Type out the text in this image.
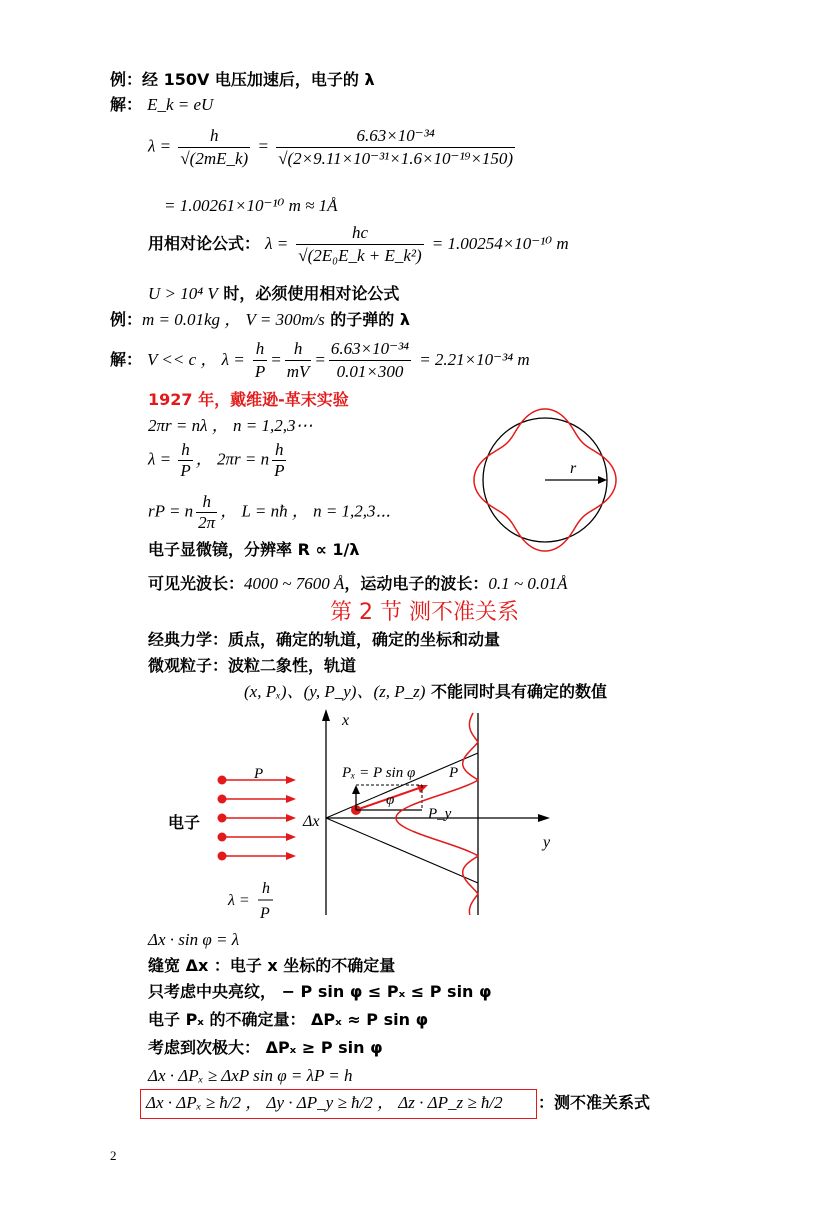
例：经 150V 电压加速后，电子的 λ
解： E_k = eU
$\lambda = \frac{h}{√(2mE\_k)} = \frac{\text{6.63×10⁻³⁴}}{\text{√(2×9.11×10⁻³¹×1.6×10⁻¹⁹×150)}}$
= 1.00261×10⁻¹⁰ m ≈ 1Å
用相对论公式： $\lambda = \frac{hc}{\text{√(2E₀E\_k + E\_k²)}} = 1.00254\times 10^{-10}$ m
U > 10⁴ V 时，必须使用相对论公式
例：m = 0.01kg ， V = 300m/s 的子弹的 λ
解： V << c ， $\lambda = \frac{h}{P} = \frac{h}{mV} = \frac{\text{6.63×10⁻³⁴}}{0.01\times 300} = 2.21\times 10^{-34}$ m
1927 年，戴维逊-革末实验
2πr = nλ ， n = 1,2,3⋯
$\lambda = \frac{h}{P}$ ， 2πr = n $\frac{h}{P}$
rP = n $\frac{h}{2\pi}$ ， L = nħ ， n = 1,2,3⋯
r
电子显微镜，分辨率 R ∝ 1/λ
可见光波长：4000 ~ 7600 Å，运动电子的波长：0.1 ~ 0.01Å
第 2 节 测不准关系
经典力学：质点，确定的轨道，确定的坐标和动量
微观粒子：波粒二象性，轨道
(x, Pₓ)、(y, P_y)、(z, P_z) 不能同时具有确定的数值
x
y
Pₓ = P sin φ P⃗
φ
P_y
Δx
P⃗
电子
λ =
h
P
Δx · sin φ = λ
缝宽 Δx ：电子 x 坐标的不确定量
只考虑中央亮纹， − P sin φ ≤ Pₓ ≤ P sin φ
电子 Pₓ 的不确定量： ΔPₓ ≈ P sin φ
考虑到次极大： ΔPₓ ≥ P sin φ
Δx · ΔPₓ ≥ ΔxP sin φ = λP = h
Δx · ΔPₓ ≥ ħ/2 ， Δy · ΔP_y ≥ ħ/2 ， Δz · ΔP_z ≥ ħ/2 ：测不准关系式
2
